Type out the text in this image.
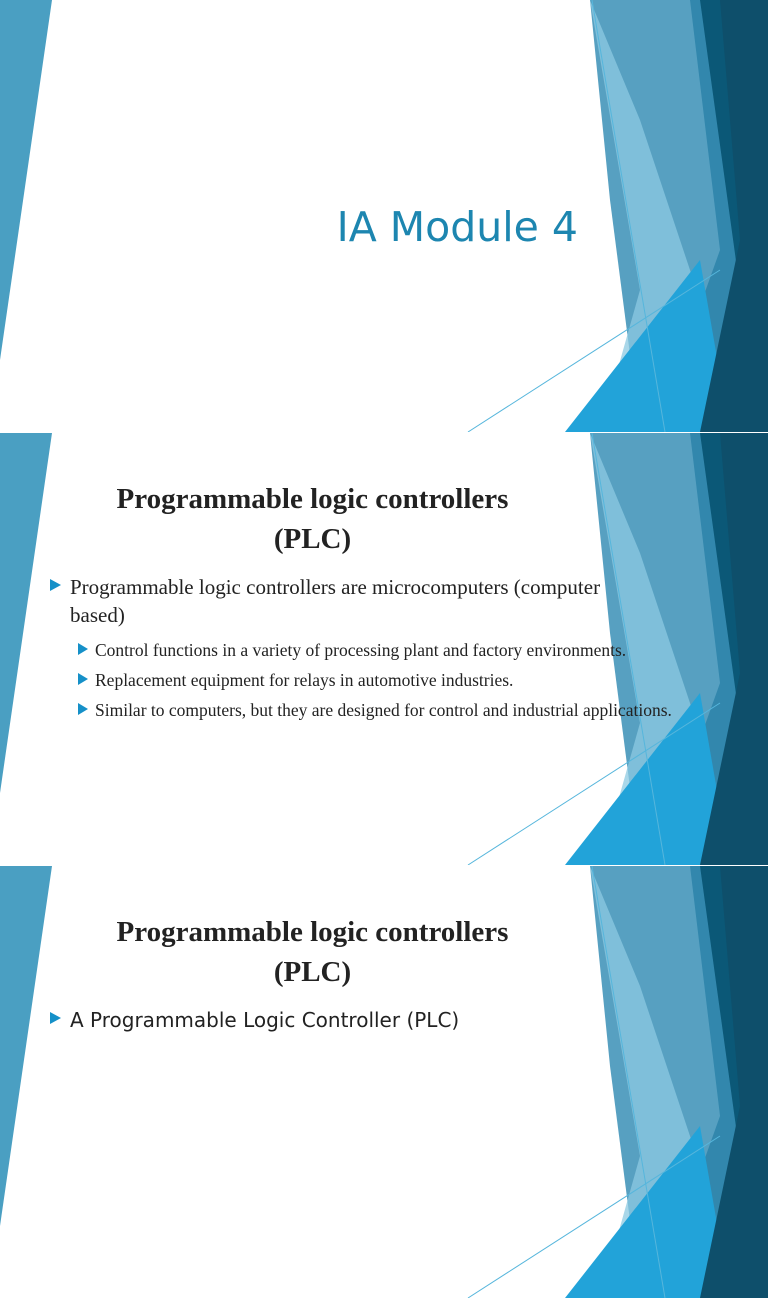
IA Module 4
Programmable logic controllers
(PLC)
Programmable logic controllers are microcomputers (computer based)
Control functions in a variety of processing plant and factory environments.
Replacement equipment for relays in automotive industries.
Similar to computers, but they are designed for control and industrial applications.
Programmable logic controllers
(PLC)
A Programmable Logic Controller (PLC)
